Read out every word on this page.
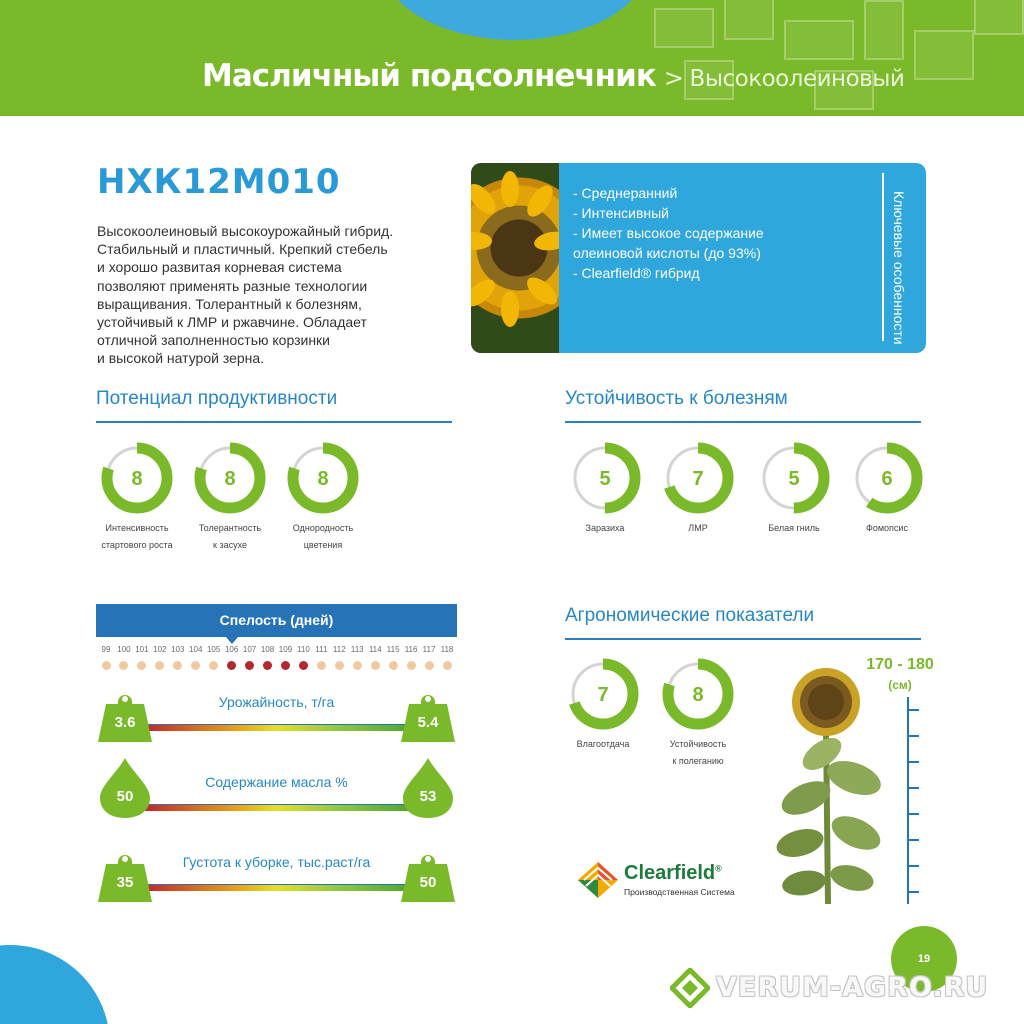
Масличный подсолнечник > Высокоолеиновый
НХК12М010
Высокоолеиновый высокоурожайный гибрид.
Стабильный и пластичный. Крепкий стебель
и хорошо развитая корневая система
позволяют применять разные технологии
выращивания. Толерантный к болезням,
устойчивый к ЛМР и ржавчине. Обладает
отличной заполненностью корзинки
и высокой натурой зерна.
- Среднеранний
- Интенсивный
- Имеет высокое содержание
олеиновой кислоты (до 93%)
- Clearfield® гибрид	Ключевые особенности
Потенциал продуктивности
8
Интенсивность
стартового роста
8
Толерантность
к засухе
8
Однородность
цветения
Устойчивость к болезням
5
Заразиха
7
ЛМР
5
Белая гниль
6
Фомопсис
Спелость (дней)
99 100 101 102 103 104 105 106 107 108 109 110 111 112 113 114 115 116 117 118
Урожайность, т/га
3.6	5.4
Содержание масла %
50	53
Густота к уборке, тыс.раст/га
35	50
Агрономические показатели
7
Влагоотдача
8
Устойчивость
к полеганию
170 - 180
(см)
Clearfield®
Производственная Система
19
VERUM-AGRO.RU
